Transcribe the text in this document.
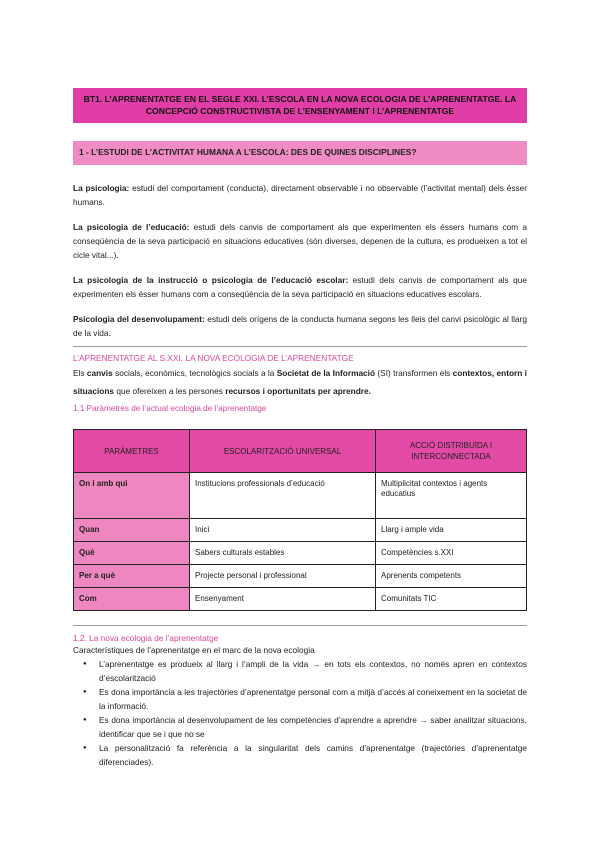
BT1. L’APRENENTATGE EN EL SEGLE XXI. L’ESCOLA EN LA NOVA ECOLOGIA DE L’APRENENTATGE. LA CONCEPCIÓ CONSTRUCTIVISTA DE L’ENSENYAMENT I L’APRENENTATGE
1 - L’ESTUDI DE L’ACTIVITAT HUMANA A L’ESCOLA: DES DE QUINES DISCIPLINES?

La psicologia: estudi del comportament (conducta), directament observable i no observable (l’activitat mental) dels ésser humans.

La psicologia de l’educació: estudi dels canvis de comportament als que experimenten els éssers humans com a conseqüència de la seva participació en situacions educatives (són diverses, depenen de la cultura, es produeixen a tot el cicle vital...).

La psicologia de la instrucció o psicologia de l’educació escolar: estudi dels canvis de comportament als que experimenten els ésser humans com a conseqüència de la seva participació en situacions educatives escolars.

Psicologia del desenvolupament: estudi dels orígens de la conducta humana segons les lleis del canvi psicològic al llarg de la vida.

L’APRENENTATGE AL S.XXI, LA NOVA ECOLOGIA DE L’APRENENTATGE

Els canvis socials, econòmics, tecnològics socials a la Societat de la Informació (SI) transformen els contextos, entorn i situacions que ofereixen a les persones recursos i oportunitats per aprendre.

1.1 Paràmetres de l’actual ecologia de l’aprenentatge
PARÀMETRES	ESCOLARITZACIÓ UNIVERSAL	ACCIÓ DISTRIBUÏDA I INTERCONNECTADA
On i amb qui	Institucions professionals d’educació	Multiplicitat contextos i agents educatius
Quan	Inici	Llarg i ample vida
Què	Sabers culturals estables	Competències s.XXI
Per a què	Projecte personal i professional	Aprenents competents
Com	Ensenyament	Comunitats TIC
1.2. La nova ecologia de l’aprenentatge
Característiques de l’aprenentatge en el marc de la nova ecologia
● L’aprenentatge es produeix al llarg i l’ampli de la vida → en tots els contextos, no només apren en contextos d’escolarització
● Es dona importància a les trajectòries d’aprenentatge personal com a mitjà d’accés al coneixement en la societat de la informació.
● Es dona importància al desenvolupament de les competències d’aprendre a aprendre → saber analitzar situacions, identificar que se i que no se
● La personalització fa referència a la singularitat dels camins d’aprenentatge (trajectòries d’aprenentatge diferenciades).
